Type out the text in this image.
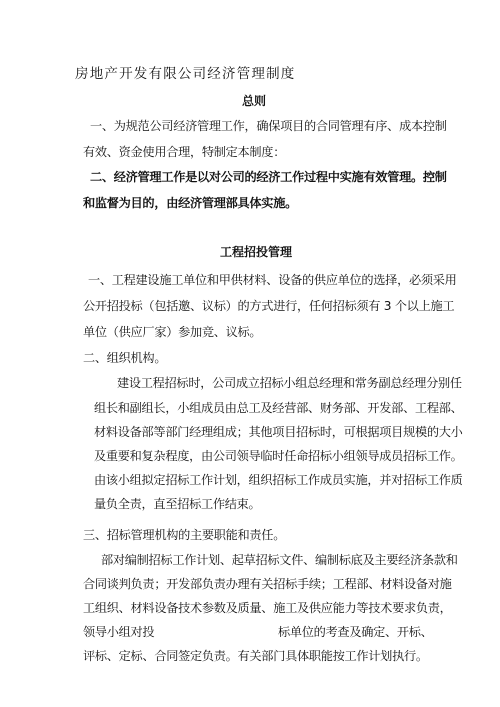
房地产开发有限公司经济管理制度
总则
一、为规范公司经济管理工作，确保项目的合同管理有序、成本控制
有效、资金使用合理，特制定本制度：
二、经济管理工作是以对公司的经济工作过程中实施有效管理。控制
和监督为目的，由经济管理部具体实施。
工程招投管理
一、工程建设施工单位和甲供材料、设备的供应单位的选择，必须采用
公开招投标（包括邀、议标）的方式进行，任何招标须有 3 个以上施工
单位（供应厂家）参加竞、议标。
二、组织机构。
建设工程招标时，公司成立招标小组总经理和常务副总经理分别任
组长和副组长，小组成员由总工及经营部、财务部、开发部、工程部、
材料设备部等部门经理组成；其他项目招标时，可根据项目规模的大小
及重要和复杂程度，由公司领导临时任命招标小组领导成员招标工作。
由该小组拟定招标工作计划，组织招标工作成员实施，并对招标工作质
量负全责，直至招标工作结束。
三、招标管理机构的主要职能和责任。
部对编制招标工作计划、起草招标文件、编制标底及主要经济条款和
合同谈判负责；开发部负责办理有关招标手续；工程部、材料设备对施
工组织、材料设备技术参数及质量、施工及供应能力等技术要求负责，
领导小组对投	标单位的考查及确定、开标、
评标、定标、合同签定负责。有关部门具体职能按工作计划执行。
